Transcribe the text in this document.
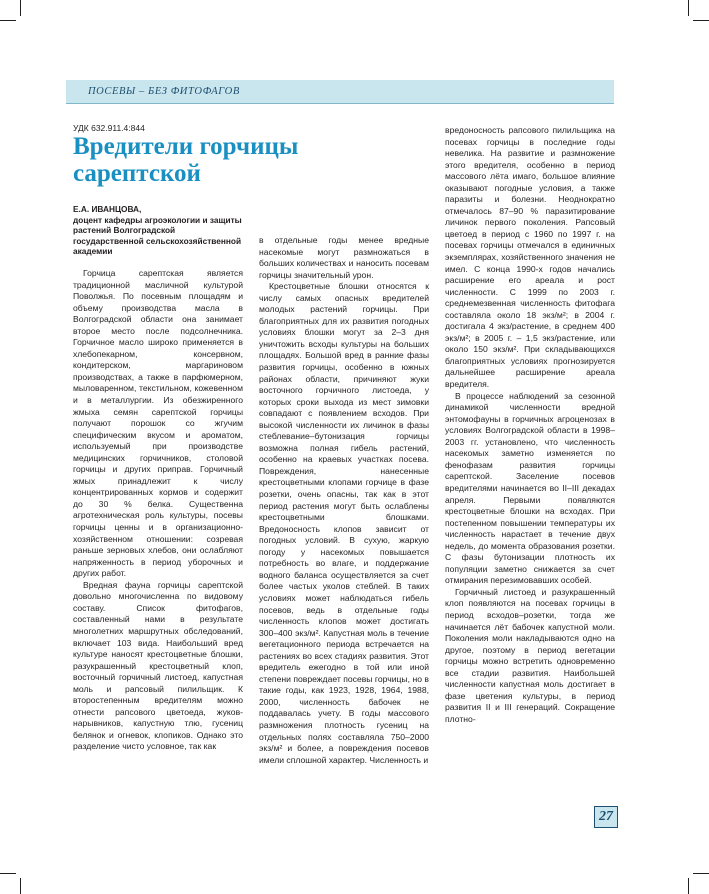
ПОСЕВЫ – БЕЗ ФИТОФАГОВ
УДК 632.911.4:844
Вредители горчицы сарептской
Е.А. ИВАНЦОВА,
доцент кафедры агроэкологии и защиты растений Волгоградской государственной сельскохозяйственной академии

Горчица сарептская является традиционной масличной культурой Поволжья. По посевным площадям и объему производства масла в Волгоградской области она занимает второе место после подсолнечника. Горчичное масло широко применяется в хлебопекарном, консервном, кондитерском, маргариновом производствах, а также в парфюмерном, мыловаренном, текстильном, кожевенном и в металлургии. Из обезжиренного жмыха семян сарептской горчицы получают порошок со жгучим специфическим вкусом и ароматом, используемый при производстве медицинских горчичников, столовой горчицы и других приправ. Горчичный жмых принадлежит к числу концентрированных кормов и содержит до 30 % белка. Существенна агротехническая роль культуры, посевы горчицы ценны и в организационно-хозяйственном отношении: созревая раньше зерновых хлебов, они ослабляют напряженность в период уборочных и других работ.

Вредная фауна горчицы сарептской довольно многочисленна по видовому составу. Список фитофагов, составленный нами в результате многолетних маршрутных обследований, включает 103 вида. Наибольший вред культуре наносят крестоцветные блошки, разукрашенный крестоцветный клоп, восточный горчичный листоед, капустная моль и рапсовый пилильщик. К второстепенным вредителям можно отнести рапсового цветоеда, жуков-нарывников, капустную тлю, гусениц белянок и огневок, клопиков. Однако это разделение чисто условное, так как

в отдельные годы менее вредные насекомые могут размножаться в больших количествах и наносить посевам горчицы значительный урон.

Крестоцветные блошки относятся к числу самых опасных вредителей молодых растений горчицы. При благоприятных для их развития погодных условиях блошки могут за 2–3 дня уничтожить всходы культуры на больших площадях. Большой вред в ранние фазы развития горчицы, особенно в южных районах области, причиняют жуки восточного горчичного листоеда, у которых сроки выхода из мест зимовки совпадают с появлением всходов. При высокой численности их личинок в фазы стеблевание–бутонизация горчицы возможна полная гибель растений, особенно на краевых участках посева. Повреждения, нанесенные крестоцветными клопами горчице в фазе розетки, очень опасны, так как в этот период растения могут быть ослаблены крестоцветными блошками. Вредоносность клопов зависит от погодных условий. В сухую, жаркую погоду у насекомых повышается потребность во влаге, и поддержание водного баланса осуществляется за счет более частых уколов стеблей. В таких условиях может наблюдаться гибель посевов, ведь в отдельные годы численность клопов может достигать 300–400 экз/м². Капустная моль в течение вегетационного периода встречается на растениях во всех стадиях развития. Этот вредитель ежегодно в той или иной степени повреждает посевы горчицы, но в такие годы, как 1923, 1928, 1964, 1988, 2000, численность бабочек не поддавалась учету. В годы массового размножения плотность гусениц на отдельных полях составляла 750–2000 экз/м² и более, а повреждения посевов имели сплошной характер. Численность и

вредоносность рапсового пилильщика на посевах горчицы в последние годы невелика. На развитие и размножение этого вредителя, особенно в период массового лёта имаго, большое влияние оказывают погодные условия, а также паразиты и болезни. Неоднократно отмечалось 87–90 % паразитирование личинок первого поколения. Рапсовый цветоед в период с 1960 по 1997 г. на посевах горчицы отмечался в единичных экземплярах, хозяйственного значения не имел. С конца 1990-х годов начались расширение его ареала и рост численности. С 1999 по 2003 г. среднемезвенная численность фитофага составляла около 18 экз/м²; в 2004 г. достигала 4 экз/растение, в среднем 400 экз/м²; в 2005 г. – 1,5 экз/растение, или около 150 экз/м². При складывающихся благоприятных условиях прогнозируется дальнейшее расширение ареала вредителя.

В процессе наблюдений за сезонной динамикой численности вредной энтомофауны в горчичных агроценозах в условиях Волгоградской области в 1998–2003 гг. установлено, что численность насекомых заметно изменяется по фенофазам развития горчицы сарептской. Заселение посевов вредителями начинается во II–III декадах апреля. Первыми появляются крестоцветные блошки на всходах. При постепенном повышении температуры их численность нарастает в течение двух недель, до момента образования розетки. С фазы бутонизации плотность их популяции заметно снижается за счет отмирания перезимовавших особей.

Горчичный листоед и разукрашенный клоп появляются на посевах горчицы в период всходов–розетки, тогда же начинается лёт бабочек капустной моли. Поколения моли накладываются одно на другое, поэтому в период вегетации горчицы можно встретить одновременно все стадии развития. Наибольшей численности капустная моль достигает в фазе цветения культуры, в период развития II и III генераций. Сокращение плотно-

27
